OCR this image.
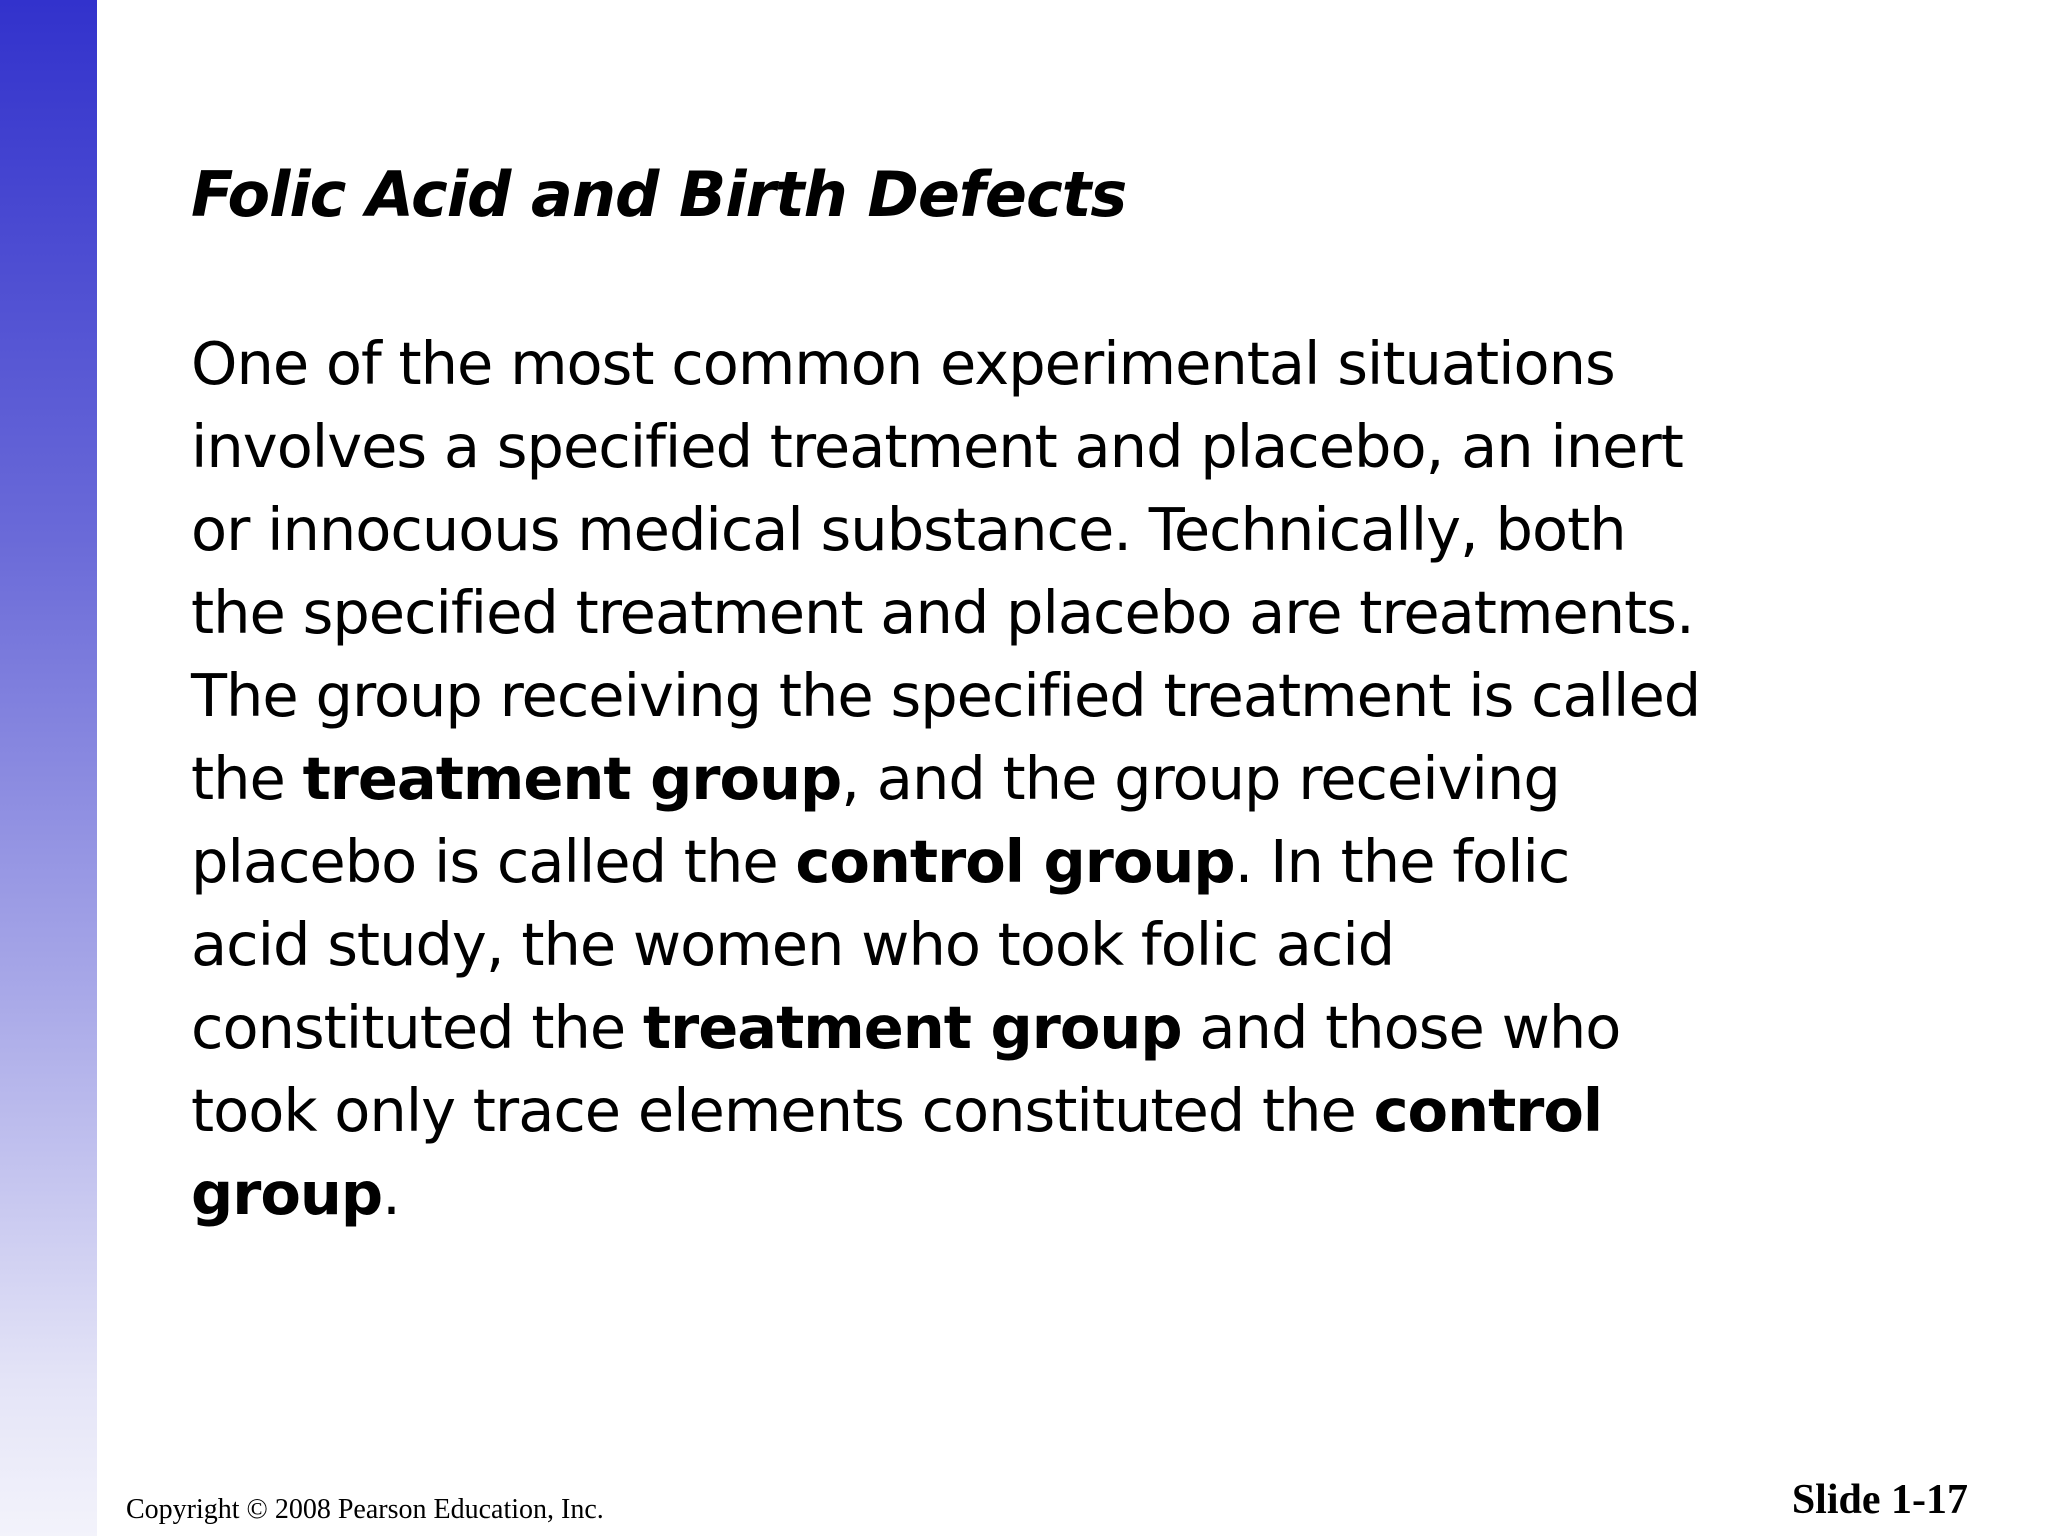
Folic Acid and Birth Defects
One of the most common experimental situations
involves a specified treatment and placebo, an inert
or innocuous medical substance. Technically, both
the specified treatment and placebo are treatments.
The group receiving the specified treatment is called
the treatment group, and the group receiving
placebo is called the control group. In the folic
acid study, the women who took folic acid
constituted the treatment group and those who
took only trace elements constituted the control
group.

Copyright © 2008 Pearson Education, Inc.	Slide 1-17
